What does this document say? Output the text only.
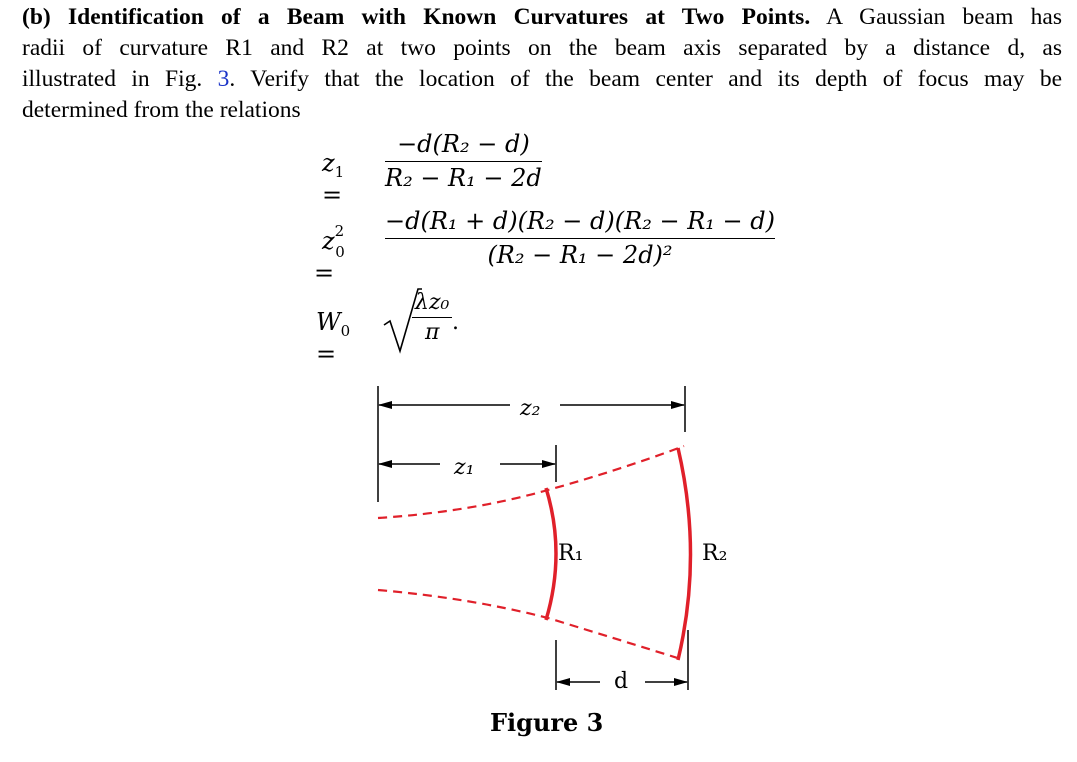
(b) Identification of a Beam with Known Curvatures at Two Points. A Gaussian beam has
radii of curvature R1 and R2 at two points on the beam axis separated by a distance d, as
illustrated in Fig. 3. Verify that the location of the beam center and its depth of focus may be
determined from the relations
$z_1$ =
$\frac{\text{−d(R₂ − d)}}{\text{R₂ − R₁ − 2d}}$
$z^2_0$ =
$\frac{\text{−d(R₁ + d)(R₂ − d)(R₂ − R₁ − d)}}{\text{(R₂ − R₁ − 2d)²}}$
$W_0$ =
$\frac{\text{λz₀}}{\pi}$ .
z₂
z₁
R₁	R₂
d
Figure 3
